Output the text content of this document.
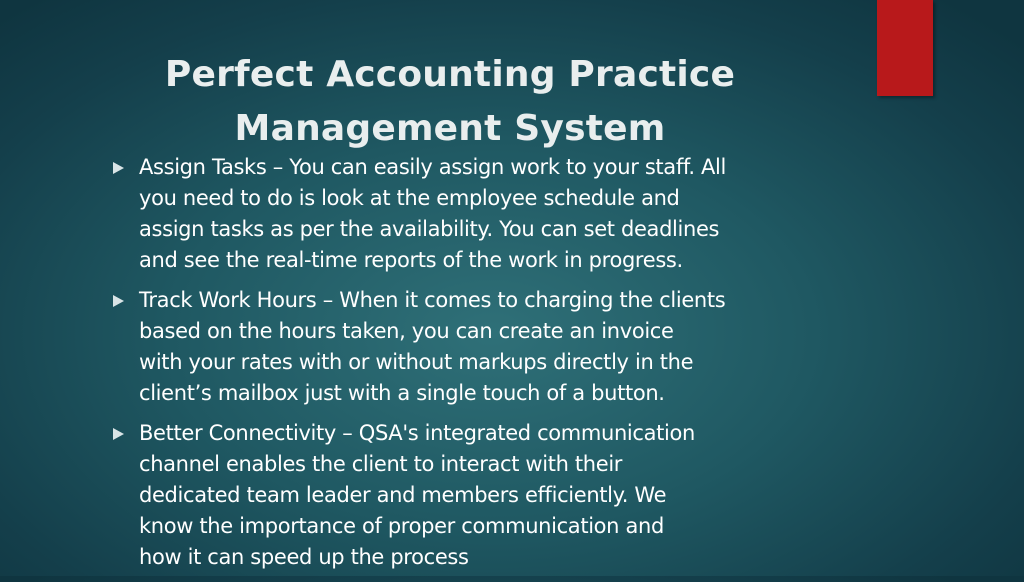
Perfect Accounting Practice
Management System
Assign Tasks – You can easily assign work to your staff. All
you need to do is look at the employee schedule and
assign tasks as per the availability. You can set deadlines
and see the real-time reports of the work in progress.
Track Work Hours – When it comes to charging the clients
based on the hours taken, you can create an invoice
with your rates with or without markups directly in the
client’s mailbox just with a single touch of a button.
Better Connectivity – QSA's integrated communication
channel enables the client to interact with their
dedicated team leader and members efficiently. We
know the importance of proper communication and
how it can speed up the process
